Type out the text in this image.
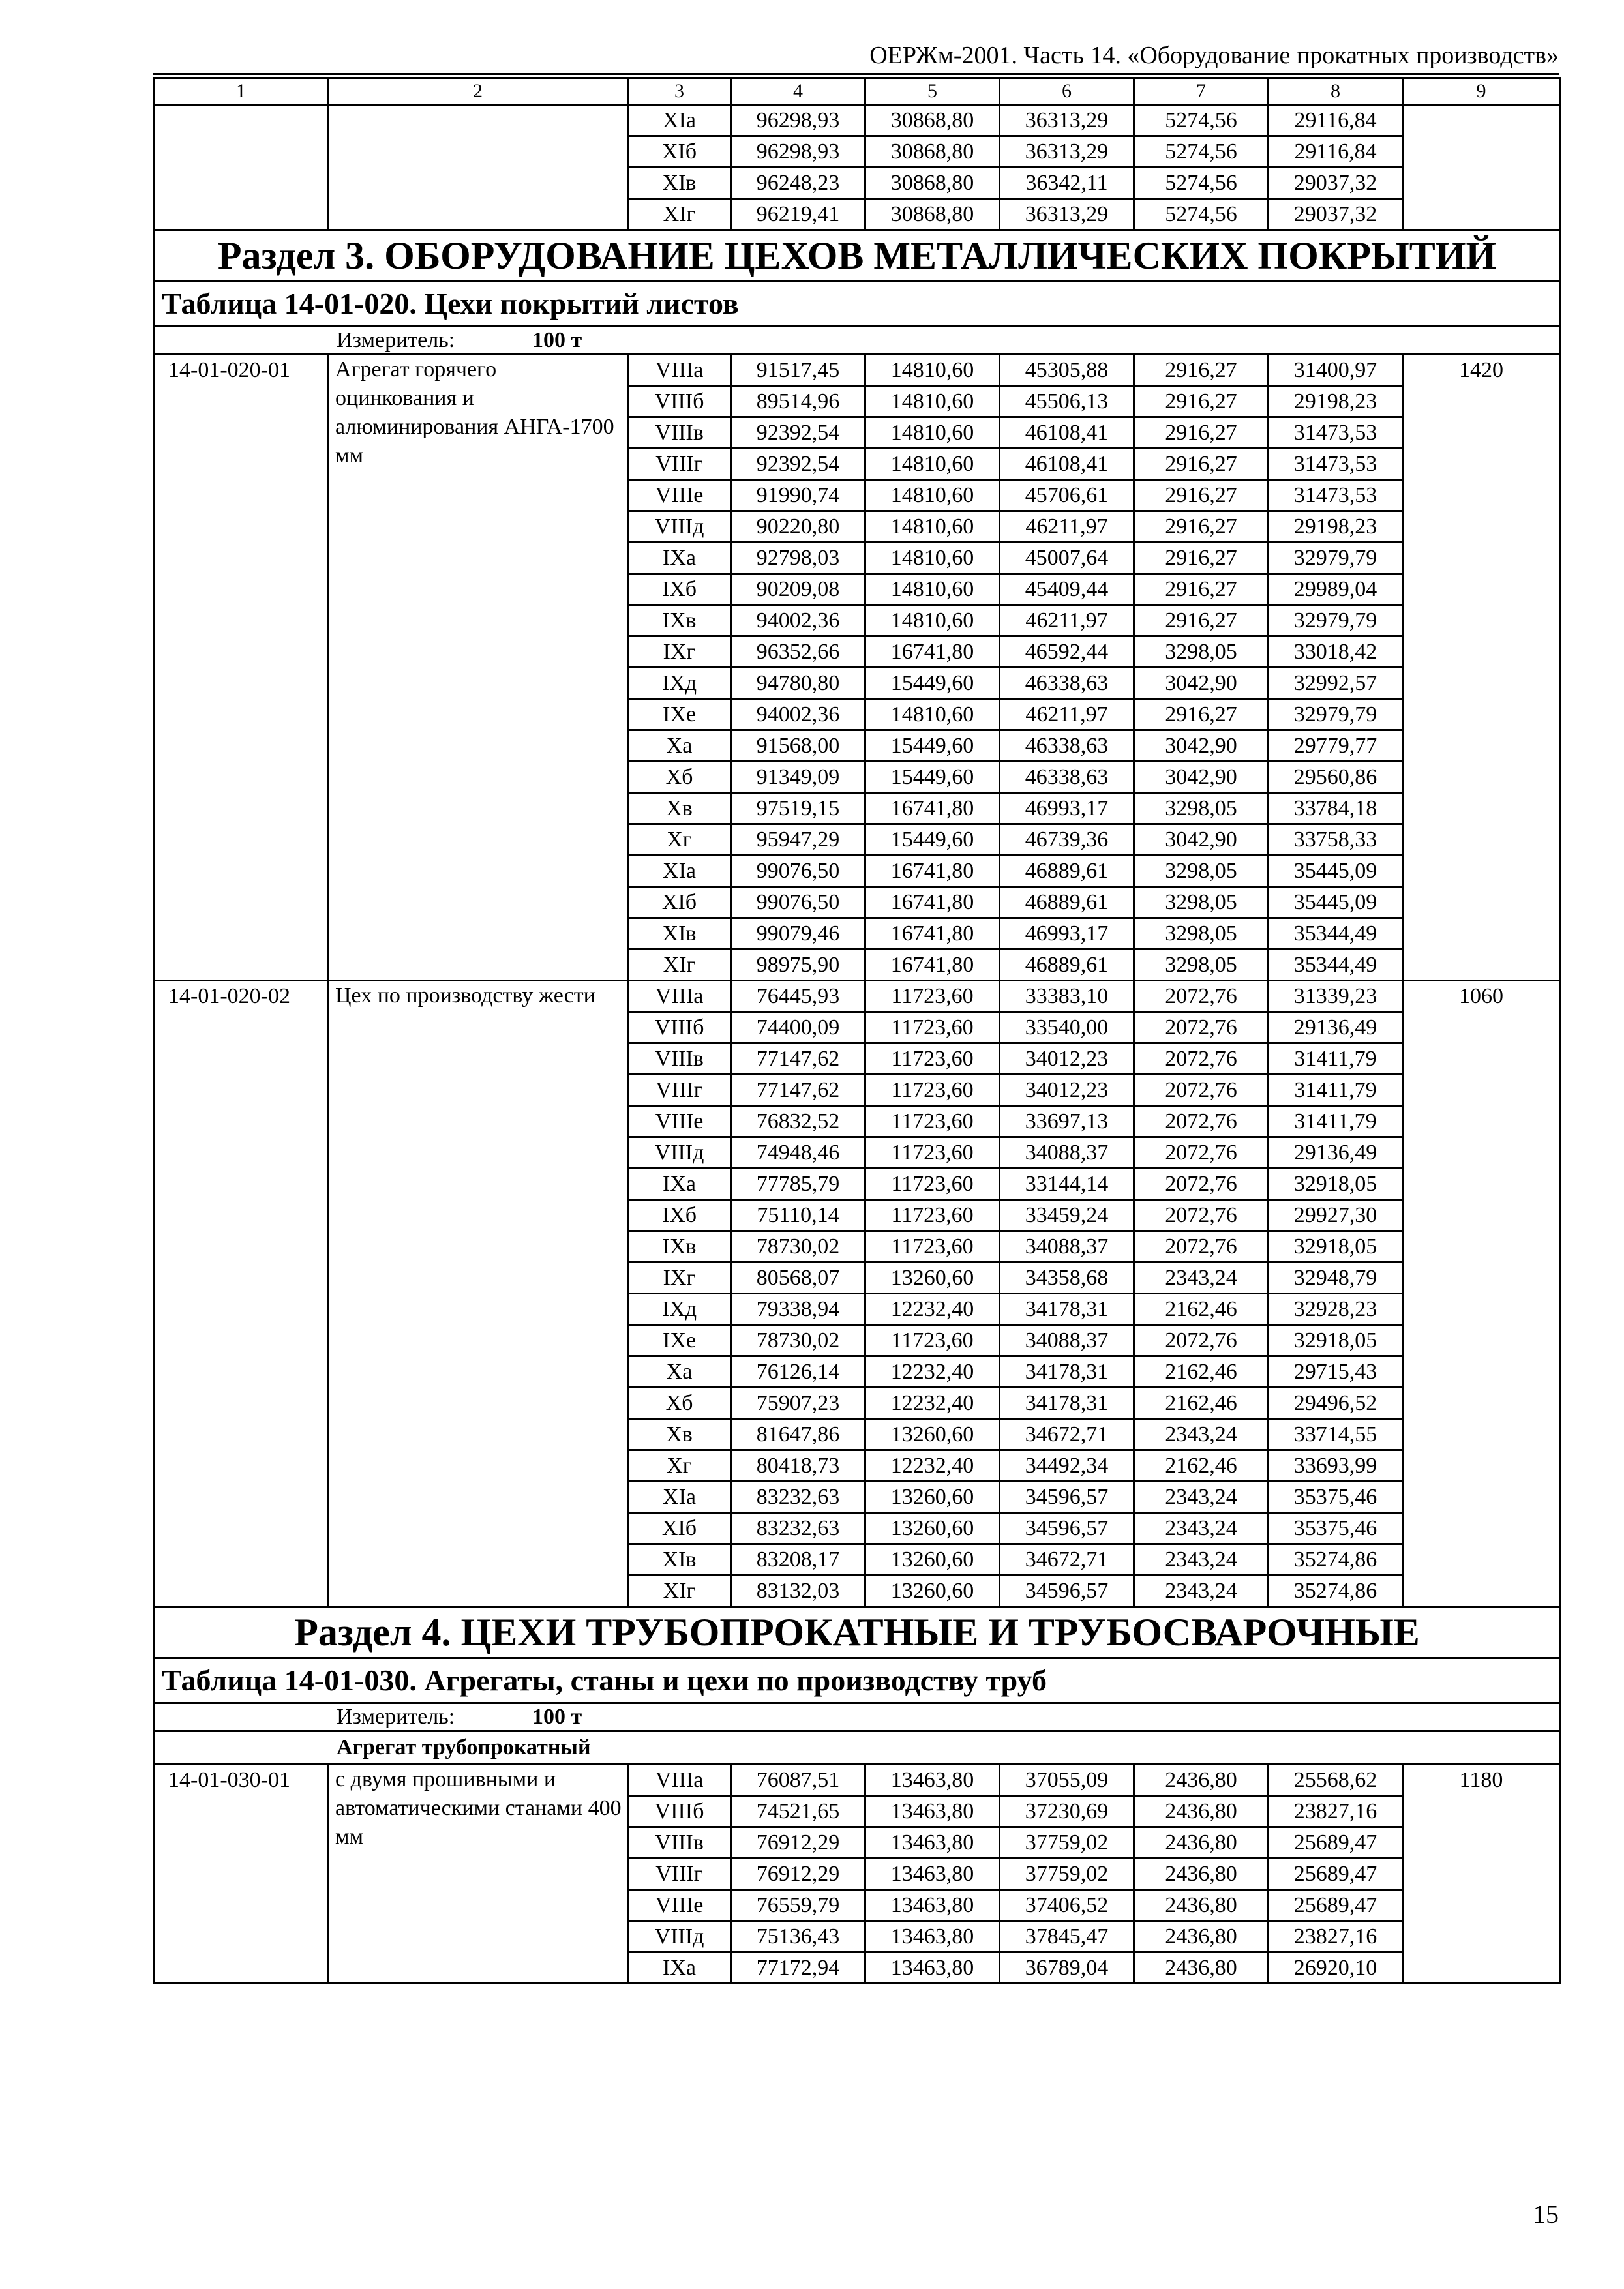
ОЕРЖм-2001. Часть 14. «Оборудование прокатных производств»
1	2	3	4	5	6	7	8	9
		XIа	96298,93	30868,80	36313,29	5274,56	29116,84	
		XIб	96298,93	30868,80	36313,29	5274,56	29116,84	
		XIв	96248,23	30868,80	36342,11	5274,56	29037,32	
		XIг	96219,41	30868,80	36313,29	5274,56	29037,32	
Раздел 3. ОБОРУДОВАНИЕ ЦЕХОВ МЕТАЛЛИЧЕСКИХ ПОКРЫТИЙ								
Таблица 14-01-020. Цехи покрытий листов								
Измеритель: 100 т								
14-01-020-01	Агрегат горячего оцинкования и алюминирования АНГА-1700 мм	VIIIа	91517,45	14810,60	45305,88	2916,27	31400,97	1420
		VIIIб	89514,96	14810,60	45506,13	2916,27	29198,23	
		VIIIв	92392,54	14810,60	46108,41	2916,27	31473,53	
		VIIIг	92392,54	14810,60	46108,41	2916,27	31473,53	
		VIIIе	91990,74	14810,60	45706,61	2916,27	31473,53	
		VIIIд	90220,80	14810,60	46211,97	2916,27	29198,23	
		IXа	92798,03	14810,60	45007,64	2916,27	32979,79	
		IXб	90209,08	14810,60	45409,44	2916,27	29989,04	
		IXв	94002,36	14810,60	46211,97	2916,27	32979,79	
		IXг	96352,66	16741,80	46592,44	3298,05	33018,42	
		IXд	94780,80	15449,60	46338,63	3042,90	32992,57	
		IXе	94002,36	14810,60	46211,97	2916,27	32979,79	
		Xа	91568,00	15449,60	46338,63	3042,90	29779,77	
		Xб	91349,09	15449,60	46338,63	3042,90	29560,86	
		Xв	97519,15	16741,80	46993,17	3298,05	33784,18	
		Xг	95947,29	15449,60	46739,36	3042,90	33758,33	
		XIа	99076,50	16741,80	46889,61	3298,05	35445,09	
		XIб	99076,50	16741,80	46889,61	3298,05	35445,09	
		XIв	99079,46	16741,80	46993,17	3298,05	35344,49	
		XIг	98975,90	16741,80	46889,61	3298,05	35344,49	
14-01-020-02	Цех по производству жести	VIIIа	76445,93	11723,60	33383,10	2072,76	31339,23	1060
		VIIIб	74400,09	11723,60	33540,00	2072,76	29136,49	
		VIIIв	77147,62	11723,60	34012,23	2072,76	31411,79	
		VIIIг	77147,62	11723,60	34012,23	2072,76	31411,79	
		VIIIе	76832,52	11723,60	33697,13	2072,76	31411,79	
		VIIIд	74948,46	11723,60	34088,37	2072,76	29136,49	
		IXа	77785,79	11723,60	33144,14	2072,76	32918,05	
		IXб	75110,14	11723,60	33459,24	2072,76	29927,30	
		IXв	78730,02	11723,60	34088,37	2072,76	32918,05	
		IXг	80568,07	13260,60	34358,68	2343,24	32948,79	
		IXд	79338,94	12232,40	34178,31	2162,46	32928,23	
		IXе	78730,02	11723,60	34088,37	2072,76	32918,05	
		Xа	76126,14	12232,40	34178,31	2162,46	29715,43	
		Xб	75907,23	12232,40	34178,31	2162,46	29496,52	
		Xв	81647,86	13260,60	34672,71	2343,24	33714,55	
		Xг	80418,73	12232,40	34492,34	2162,46	33693,99	
		XIа	83232,63	13260,60	34596,57	2343,24	35375,46	
		XIб	83232,63	13260,60	34596,57	2343,24	35375,46	
		XIв	83208,17	13260,60	34672,71	2343,24	35274,86	
		XIг	83132,03	13260,60	34596,57	2343,24	35274,86	
Раздел 4. ЦЕХИ ТРУБОПРОКАТНЫЕ И ТРУБОСВАРОЧНЫЕ								
Таблица 14-01-030. Агрегаты, станы и цехи по производству труб								
Измеритель: 100 т								
Агрегат трубопрокатный								
14-01-030-01	с двумя прошивными и автоматическими станами 400 мм	VIIIа	76087,51	13463,80	37055,09	2436,80	25568,62	1180
		VIIIб	74521,65	13463,80	37230,69	2436,80	23827,16	
		VIIIв	76912,29	13463,80	37759,02	2436,80	25689,47	
		VIIIг	76912,29	13463,80	37759,02	2436,80	25689,47	
		VIIIе	76559,79	13463,80	37406,52	2436,80	25689,47	
		VIIIд	75136,43	13463,80	37845,47	2436,80	23827,16	
		IXа	77172,94	13463,80	36789,04	2436,80	26920,10	
15
